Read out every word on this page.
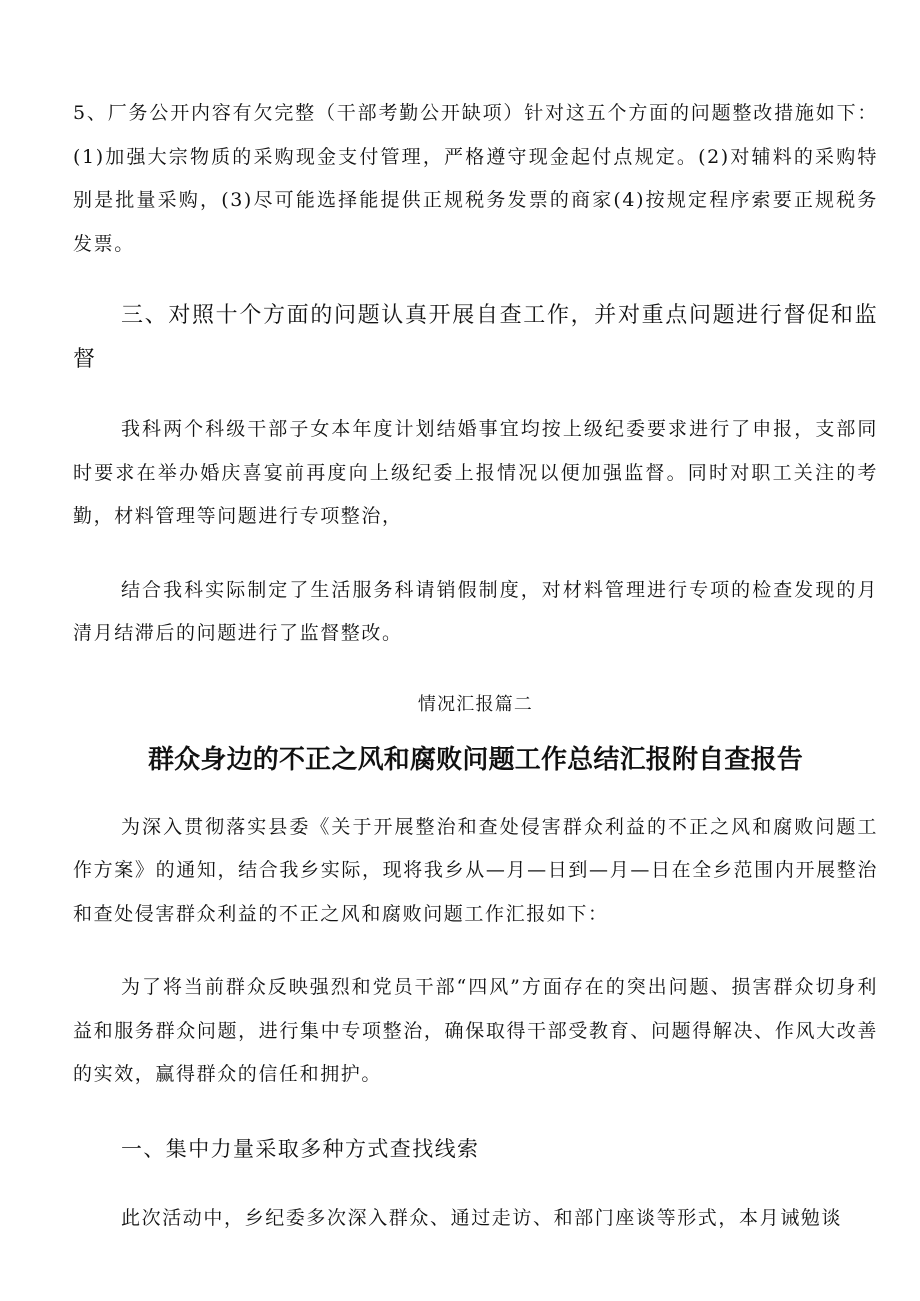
5、厂务公开内容有欠完整（干部考勤公开缺项）针对这五个方面的问题整改措施如下：(1)加强大宗物质的采购现金支付管理，严格遵守现金起付点规定。(2)对辅料的采购特别是批量采购，(3)尽可能选择能提供正规税务发票的商家(4)按规定程序索要正规税务发票。

三、对照十个方面的问题认真开展自查工作，并对重点问题进行督促和监督

我科两个科级干部子女本年度计划结婚事宜均按上级纪委要求进行了申报，支部同时要求在举办婚庆喜宴前再度向上级纪委上报情况以便加强监督。同时对职工关注的考勤，材料管理等问题进行专项整治，

结合我科实际制定了生活服务科请销假制度，对材料管理进行专项的检查发现的月清月结滞后的问题进行了监督整改。

情况汇报篇二

群众身边的不正之风和腐败问题工作总结汇报附自查报告

为深入贯彻落实县委《关于开展整治和查处侵害群众利益的不正之风和腐败问题工作方案》的通知，结合我乡实际，现将我乡从—月—日到—月—日在全乡范围内开展整治和查处侵害群众利益的不正之风和腐败问题工作汇报如下：

为了将当前群众反映强烈和党员干部“四风”方面存在的突出问题、损害群众切身利益和服务群众问题，进行集中专项整治，确保取得干部受教育、问题得解决、作风大改善的实效，赢得群众的信任和拥护。

一、集中力量采取多种方式查找线索

此次活动中，乡纪委多次深入群众、通过走访、和部门座谈等形式，本月诫勉谈
